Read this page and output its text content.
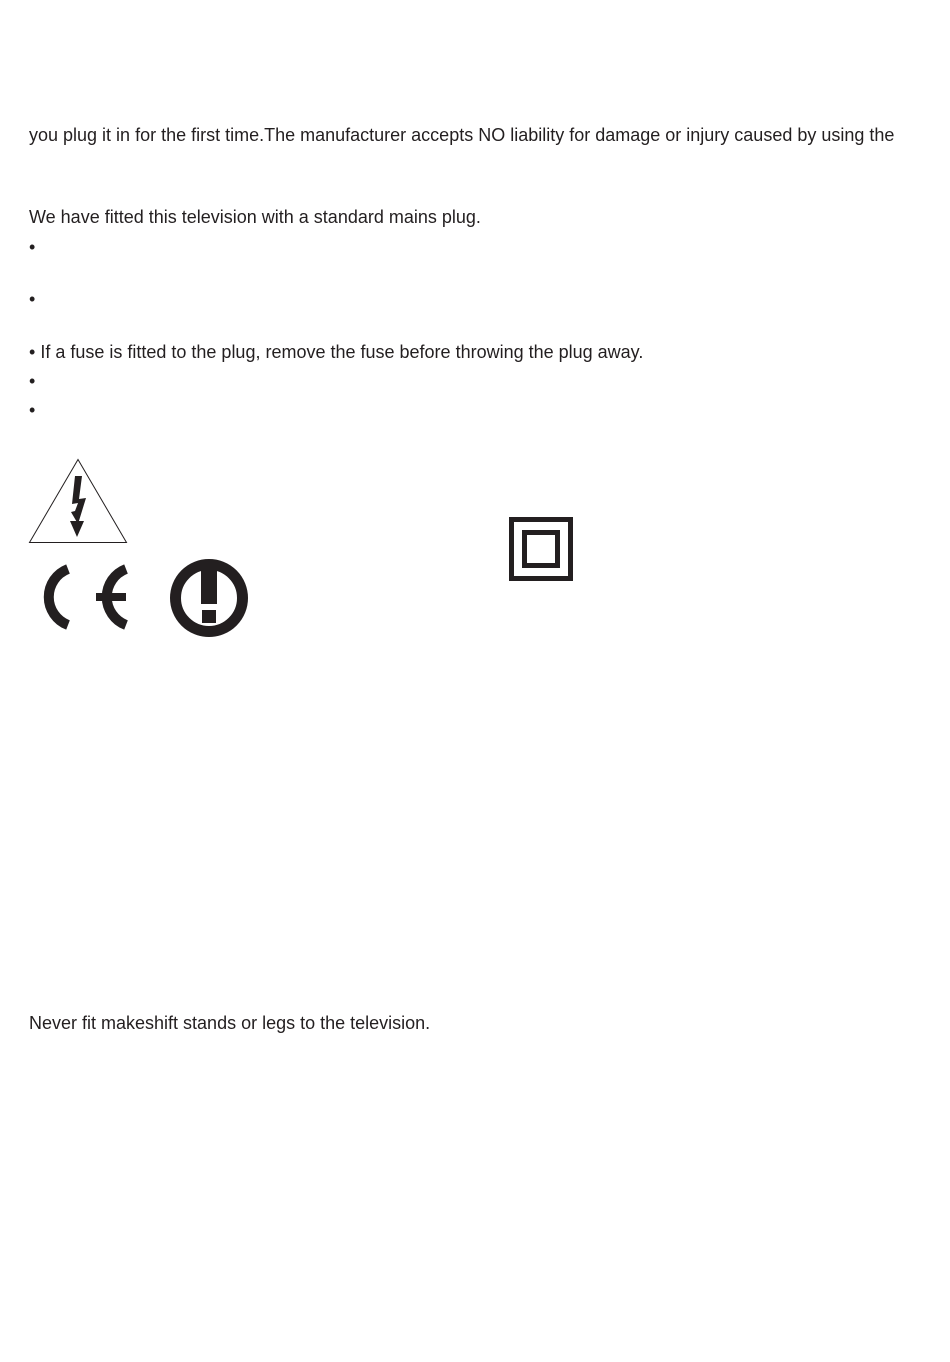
you plug it in for the first time.The manufacturer accepts NO liability for damage or injury caused by using the
We have fitted this television with a standard mains plug.
•
•
• If a fuse is fitted to the plug, remove the fuse before throwing the plug away.
•
•
Never fit makeshift stands or legs to the television.
